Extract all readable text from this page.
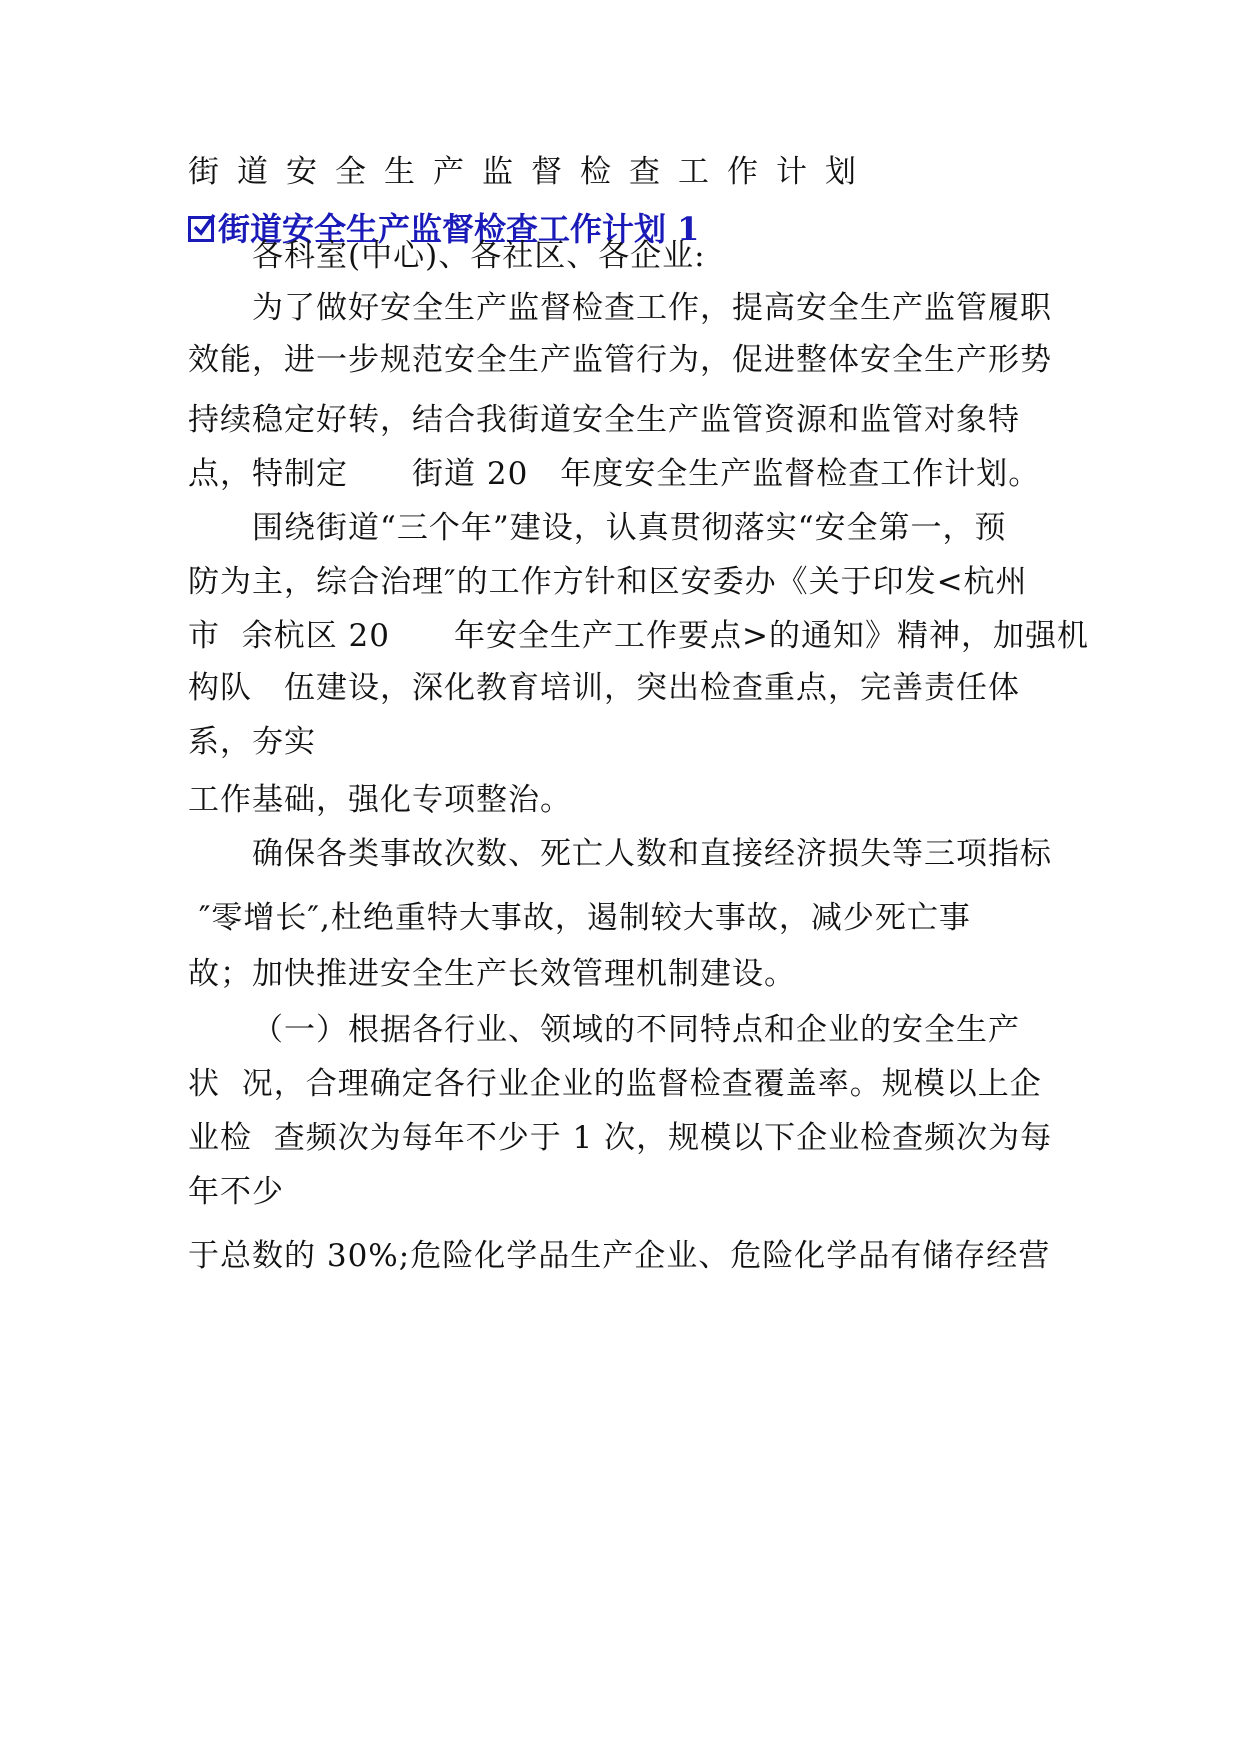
街道安全生产监督检查工作计划

街道安全生产监督检查工作计划 1
各科室(中心)、各社区、各企业:
为了做好安全生产监督检查工作，提高安全生产监管履职
效能，进一步规范安全生产监管行为，促进整体安全生产形势
持续稳定好转，结合我街道安全生产监管资源和监管对象特
点，特制定　　街道 20　年度安全生产监督检查工作计划。
围绕街道“三个年”建设，认真贯彻落实“安全第一，预
防为主，综合治理″的工作方针和区安委办《关于印发<杭州
市  余杭区 20　　年安全生产工作要点>的通知》精神，加强机
构队　伍建设，深化教育培训，突出检查重点，完善责任体
系，夯实
工作基础，强化专项整治。
确保各类事故次数、死亡人数和直接经济损失等三项指标
″零增长″,杜绝重特大事故，遏制较大事故，减少死亡事
故；加快推进安全生产长效管理机制建设。
（一）根据各行业、领域的不同特点和企业的安全生产
状  况，合理确定各行业企业的监督检查覆盖率。规模以上企
业检  查频次为每年不少于 1 次，规模以下企业检查频次为每
年不少
于总数的 30%;危险化学品生产企业、危险化学品有储存经营
